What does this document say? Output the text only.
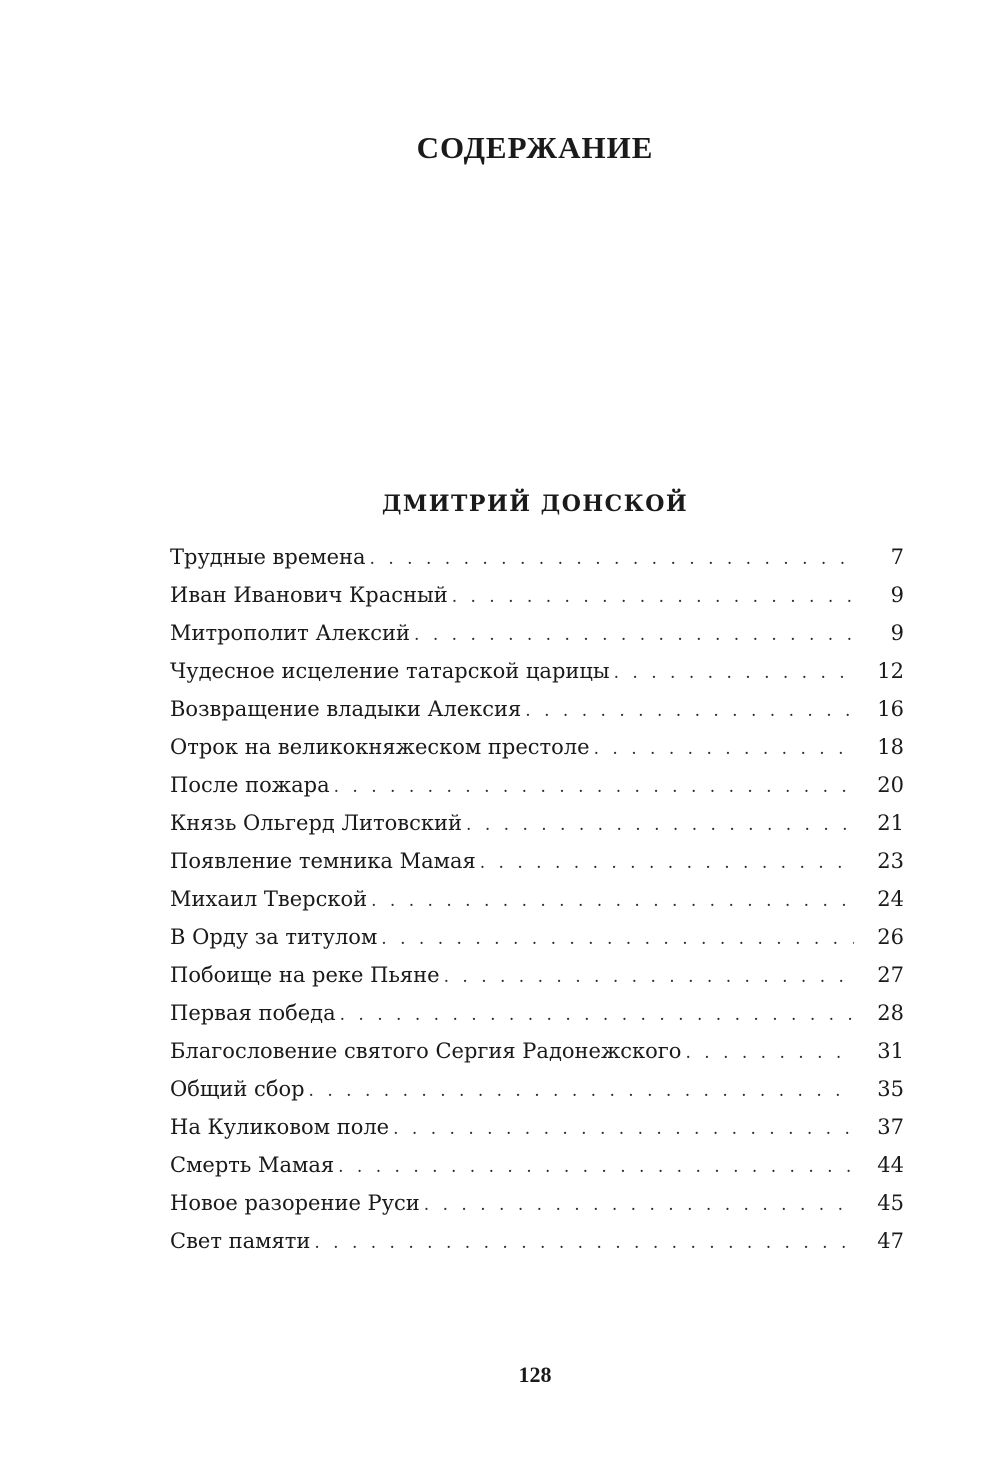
СОДЕРЖАНИЕ
ДМИТРИЙ ДОНСКОЙ
Трудные времена . . .	7
Иван Иванович Красный . . .	9
Митрополит Алексий . . .	9
Чудесное исцеление татарской царицы . . .	12
Возвращение владыки Алексия . . .	16
Отрок на великокняжеском престоле . . .	18
После пожара . . .	20
Князь Ольгерд Литовский . . .	21
Появление темника Мамая . . .	23
Михаил Тверской . . .	24
В Орду за титулом . . .	26
Побоище на реке Пьяне . . .	27
Первая победа . . .	28
Благословение святого Сергия Радонежского . . .	31
Общий сбор . . .	35
На Куликовом поле . . .	37
Смерть Мамая . . .	44
Новое разорение Руси . . .	45
Свет памяти . . .	47
128
